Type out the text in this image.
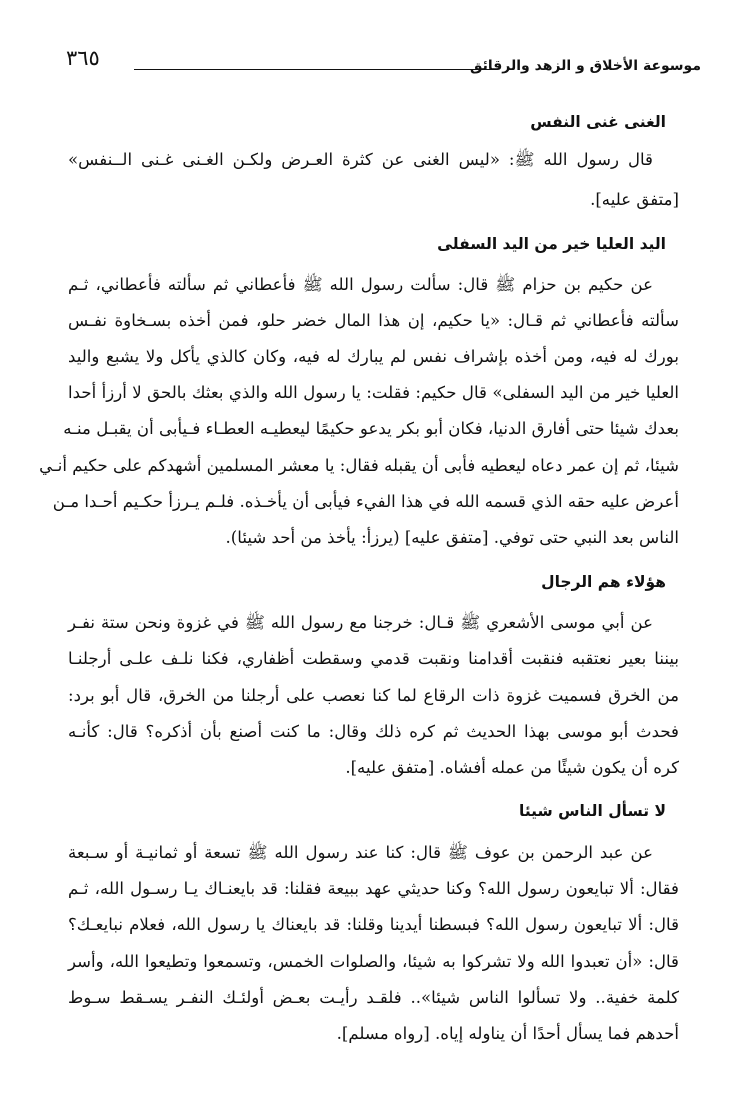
موسوعة الأخلاق و الزهد والرقائق
٣٦٥
الغنى غنى النفس
قال رسول الله ﷺ: «ليس الغنى عن كثرة العـرض ولكـن الغـنى غـنى الــنفس»
[متفق عليه].
اليد العليا خير من اليد السفلى
عن حكيم بن حزام ﷺ قال: سألت رسول الله ﷺ فأعطاني ثم سألته فأعطاني، ثـم
سألته فأعطاني ثم قـال: «يا حكيم، إن هذا المال خضر حلو، فمن أخذه بسـخاوة نفـس
بورك له فيه، ومن أخذه بإشراف نفس لم يبارك له فيه، وكان كالذي يأكل ولا يشبع واليد
العليا خير من اليد السفلى» قال حكيم: فقلت: يا رسول الله والذي بعثك بالحق لا أرزأ أحدا
بعدك شيئا حتى أفارق الدنيا، فكان أبو بكر يدعو حكيمًا ليعطيـه العطـاء فـيأبى أن يقبـل منـه
شيئا، ثم إن عمر دعاه ليعطيه فأبى أن يقبله فقال: يا معشر المسلمين أشهدكم على حكيم أنـي
أعرض عليه حقه الذي قسمه الله في هذا الفيء فيأبى أن يأخـذه. فلـم يـرزأ حكـيم أحـدا مـن
الناس بعد النبي حتى توفي. [متفق عليه] (يرزأ: يأخذ من أحد شيئا).
هؤلاء هم الرجال
عن أبي موسى الأشعري ﷺ قـال: خرجنا مع رسول الله ﷺ في غزوة ونحن ستة نفـر
بيننا بعير نعتقبه فنقبت أقدامنا ونقبت قدمي وسقطت أظفاري، فكنا نلـف علـى أرجلنـا
من الخرق فسميت غزوة ذات الرقاع لما كنا نعصب على أرجلنا من الخرق، قال أبو برد:
فحدث أبو موسى بهذا الحديث ثم كره ذلك وقال: ما كنت أصنع بأن أذكره؟ قال: كأنـه
كره أن يكون شيئًا من عمله أفشاه. [متفق عليه].
لا تسأل الناس شيئا
عن عبد الرحمن بن عوف ﷺ قال: كنا عند رسول الله ﷺ تسعة أو ثمانيـة أو سـبعة
فقال: ألا تبايعون رسول الله؟ وكنا حديثي عهد ببيعة فقلنا: قد بايعنـاك يـا رسـول الله، ثـم
قال: ألا تبايعون رسول الله؟ فبسطنا أيدينا وقلنا: قد بايعناك يا رسول الله، فعلام نبايعـك؟
قال: «أن تعبدوا الله ولا تشركوا به شيئا، والصلوات الخمس، وتسمعوا وتطيعوا الله، وأسر
كلمة خفية.. ولا تسألوا الناس شيئا».. فلقـد رأيـت بعـض أولئـك النفـر يسـقط سـوط
أحدهم فما يسأل أحدًا أن يناوله إياه. [رواه مسلم].
